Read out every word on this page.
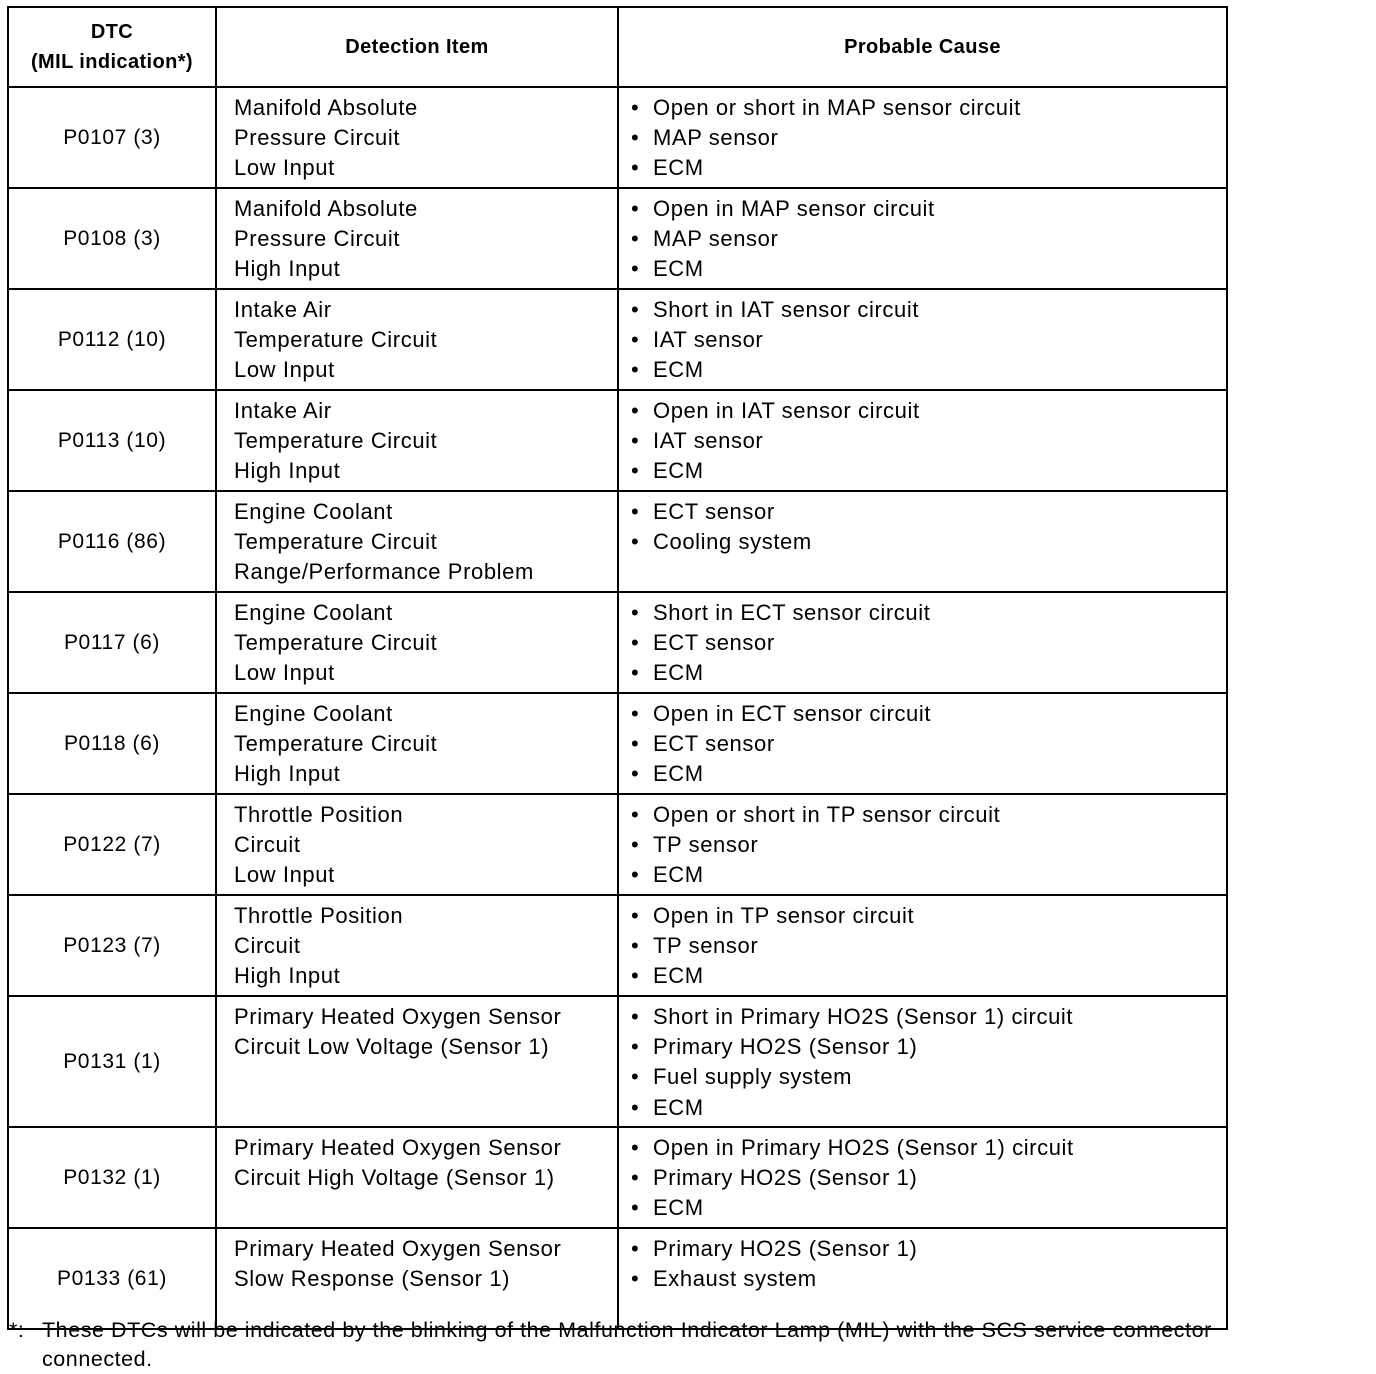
DTC
(MIL indication*)	Detection Item	Probable Cause
P0107 (3)	Manifold Absolute
Pressure Circuit
Low Input	• Open or short in MAP sensor circuit
• MAP sensor
• ECM

P0108 (3)	Manifold Absolute
Pressure Circuit
High Input	• Open in MAP sensor circuit
• MAP sensor
• ECM

P0112 (10)	Intake Air
Temperature Circuit
Low Input	• Short in IAT sensor circuit
• IAT sensor
• ECM

P0113 (10)	Intake Air
Temperature Circuit
High Input	• Open in IAT sensor circuit
• IAT sensor
• ECM

P0116 (86)	Engine Coolant
Temperature Circuit
Range/Performance Problem	• ECT sensor
• Cooling system

P0117 (6)	Engine Coolant
Temperature Circuit
Low Input	• Short in ECT sensor circuit
• ECT sensor
• ECM

P0118 (6)	Engine Coolant
Temperature Circuit
High Input	• Open in ECT sensor circuit
• ECT sensor
• ECM

P0122 (7)	Throttle Position
Circuit
Low Input	• Open or short in TP sensor circuit
• TP sensor
• ECM

P0123 (7)	Throttle Position
Circuit
High Input	• Open in TP sensor circuit
• TP sensor
• ECM

P0131 (1)	Primary Heated Oxygen Sensor
Circuit Low Voltage (Sensor 1)	• Short in Primary HO2S (Sensor 1) circuit
• Primary HO2S (Sensor 1)
• Fuel supply system
• ECM

P0132 (1)	Primary Heated Oxygen Sensor
Circuit High Voltage (Sensor 1)	• Open in Primary HO2S (Sensor 1) circuit
• Primary HO2S (Sensor 1)
• ECM

P0133 (61)	Primary Heated Oxygen Sensor
Slow Response (Sensor 1)	• Primary HO2S (Sensor 1)
• Exhaust system
*: These DTCs will be indicated by the blinking of the Malfunction Indicator Lamp (MIL) with the SCS service connector
connected.
